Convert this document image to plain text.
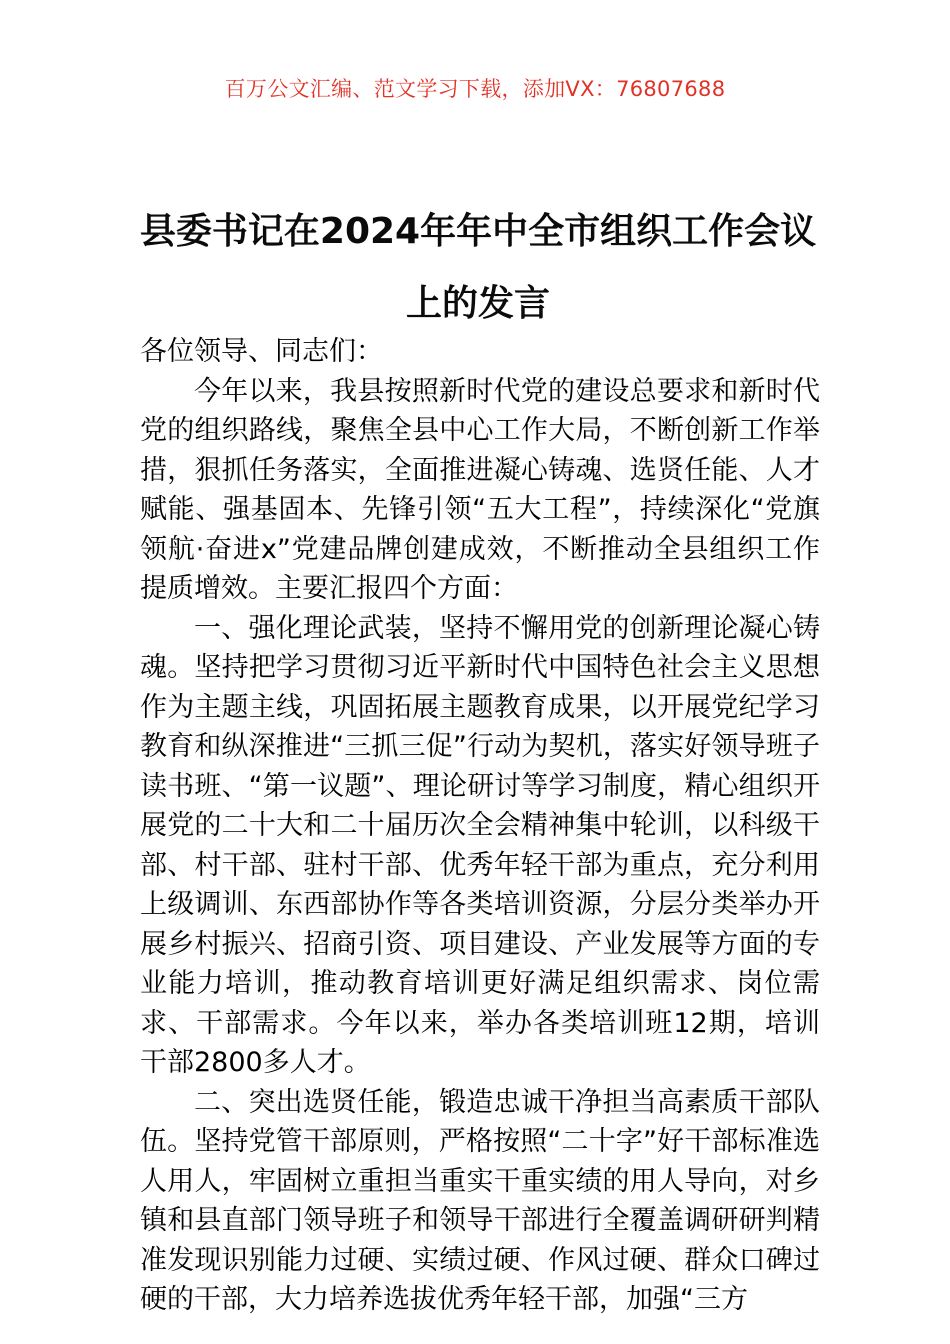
百万公文汇编、范文学习下载，添加VX：76807688
县委书记在2024年年中全市组织工作会议上的发言

各位领导、同志们：

今年以来，我县按照新时代党的建设总要求和新时代党的组织路线，聚焦全县中心工作大局，不断创新工作举措，狠抓任务落实，全面推进凝心铸魂、选贤任能、人才赋能、强基固本、先锋引领“五大工程”，持续深化“党旗领航·奋进x”党建品牌创建成效，不断推动全县组织工作提质增效。主要汇报四个方面：

一、强化理论武装，坚持不懈用党的创新理论凝心铸魂。坚持把学习贯彻习近平新时代中国特色社会主义思想作为主题主线，巩固拓展主题教育成果，以开展党纪学习教育和纵深推进“三抓三促”行动为契机，落实好领导班子读书班、“第一议题”、理论研讨等学习制度，精心组织开展党的二十大和二十届历次全会精神集中轮训，以科级干部、村干部、驻村干部、优秀年轻干部为重点，充分利用上级调训、东西部协作等各类培训资源，分层分类举办开展乡村振兴、招商引资、项目建设、产业发展等方面的专业能力培训，推动教育培训更好满足组织需求、岗位需求、干部需求。今年以来，举办各类培训班12期，培训干部2800多人才。

二、突出选贤任能，锻造忠诚干净担当高素质干部队伍。坚持党管干部原则，严格按照“二十字”好干部标准选人用人，牢固树立重担当重实干重实绩的用人导向，对乡镇和县直部门领导班子和领导干部进行全覆盖调研研判精准发现识别能力过硬、实绩过硬、作风过硬、群众口碑过硬的干部，大力培养选拔优秀年轻干部，加强“三方
